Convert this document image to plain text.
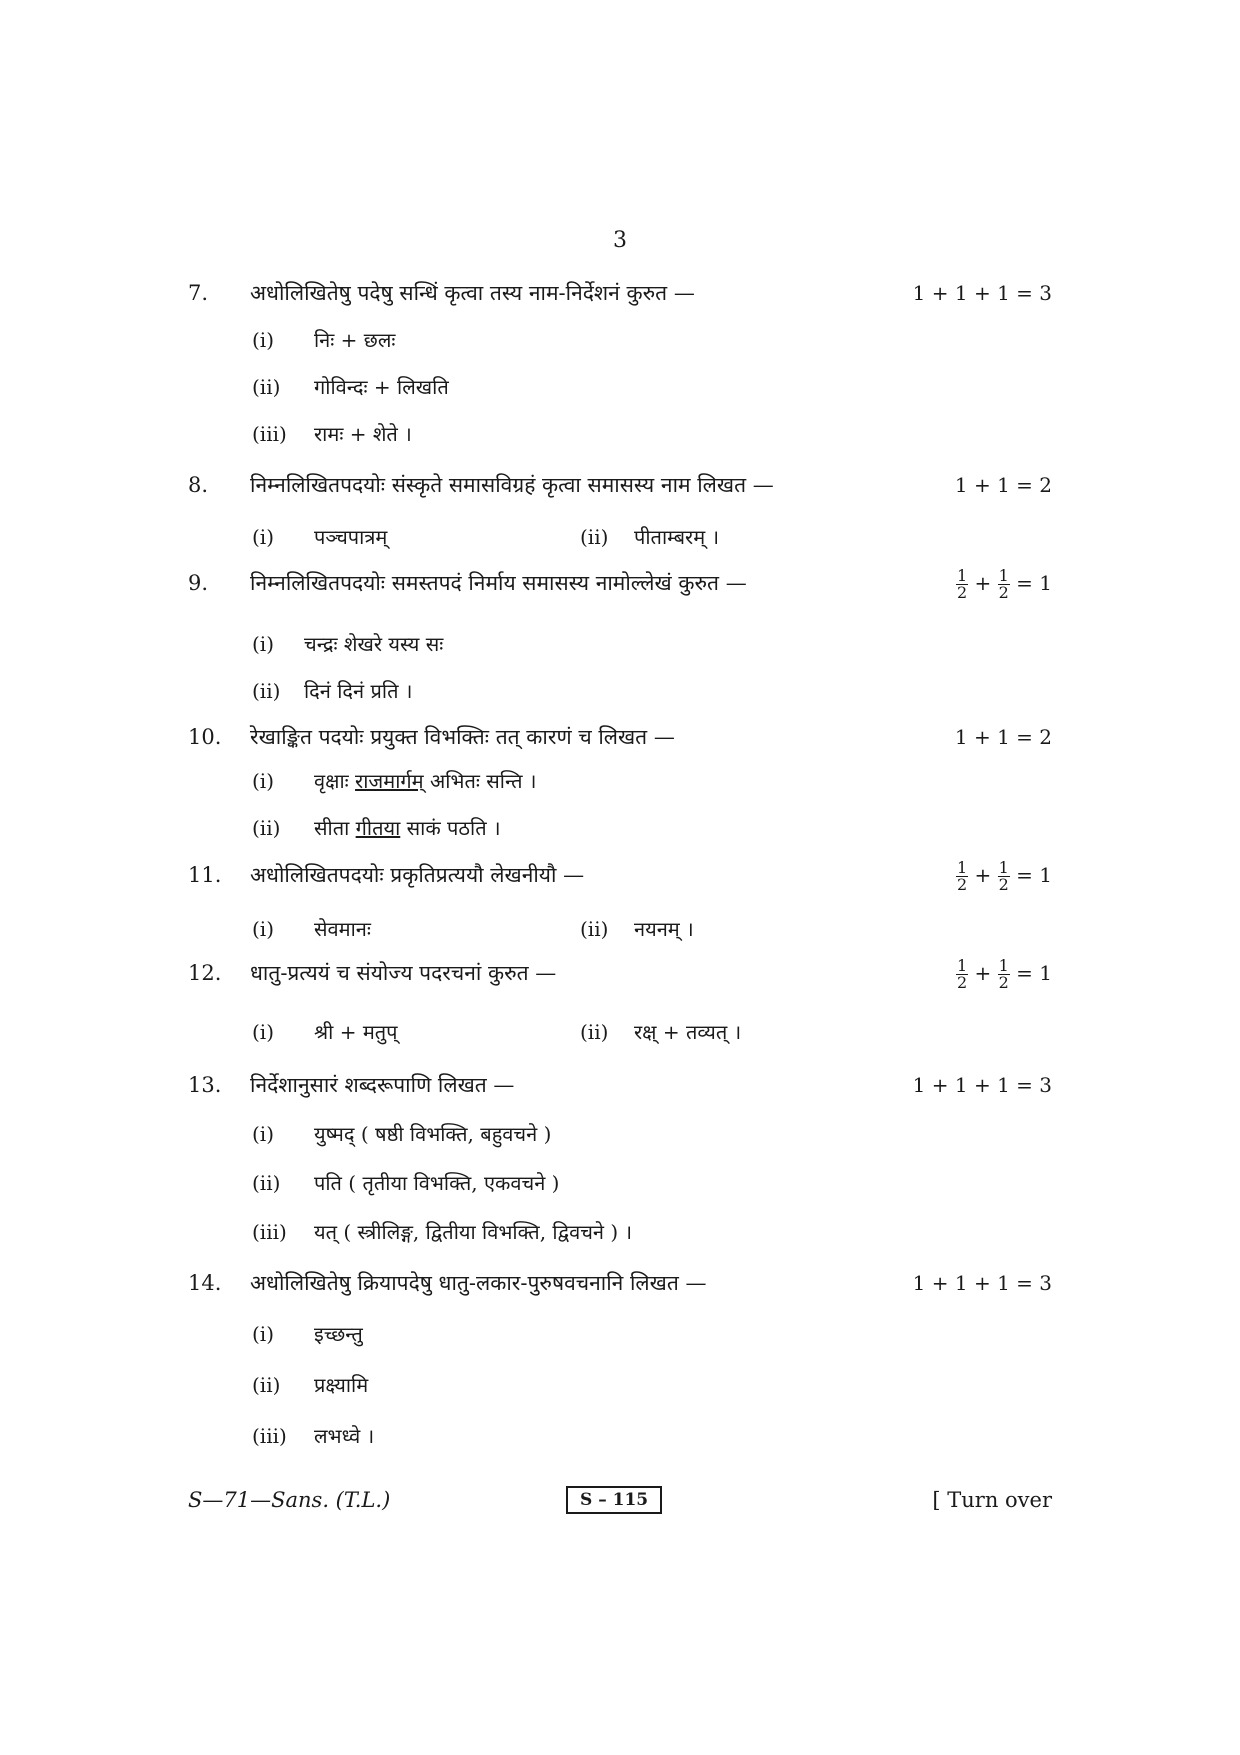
3
7. अधोलिखितेषु पदेषु सन्धिं कृत्वा तस्य नाम-निर्देशनं कुरुत —	1 + 1 + 1 = 3
(i) निः + छलः
(ii) गोविन्दः + लिखति
(iii) रामः + शेते ।
8. निम्नलिखितपदयोः संस्कृते समासविग्रहं कृत्वा समासस्य नाम लिखत —	1 + 1 = 2
(i) पञ्चपात्रम्	(ii) पीताम्बरम् ।
9. निम्नलिखितपदयोः समस्तपदं निर्माय समासस्य नामोल्लेखं कुरुत —	$\frac{1}{2} + \frac{1}{2} = 1$
(i) चन्द्रः शेखरे यस्य सः
(ii) दिनं दिनं प्रति ।
10. रेखाङ्कित पदयोः प्रयुक्त विभक्तिः तत् कारणं च लिखत —	1 + 1 = 2
(i) वृक्षाः राजमार्गम् अभितः सन्ति ।
(ii) सीता गीतया साकं पठति ।
11. अधोलिखितपदयोः प्रकृतिप्रत्ययौ लेखनीयौ —	$\frac{1}{2} + \frac{1}{2} = 1$
(i) सेवमानः	(ii) नयनम् ।
12. धातु-प्रत्ययं च संयोज्य पदरचनां कुरुत —	$\frac{1}{2} + \frac{1}{2} = 1$
(i) श्री + मतुप्	(ii) रक्ष् + तव्यत् ।
13. निर्देशानुसारं शब्दरूपाणि लिखत —	1 + 1 + 1 = 3
(i) युष्मद् ( षष्ठी विभक्ति, बहुवचने )
(ii) पति ( तृतीया विभक्ति, एकवचने )
(iii) यत् ( स्त्रीलिङ्ग, द्वितीया विभक्ति, द्विवचने ) ।
14. अधोलिखितेषु क्रियापदेषु धातु-लकार-पुरुषवचनानि लिखत —	1 + 1 + 1 = 3
(i) इच्छन्तु
(ii) प्रक्ष्यामि
(iii) लभध्वे ।
S—71—Sans. (T.L.)	S – 115	[ Turn over
